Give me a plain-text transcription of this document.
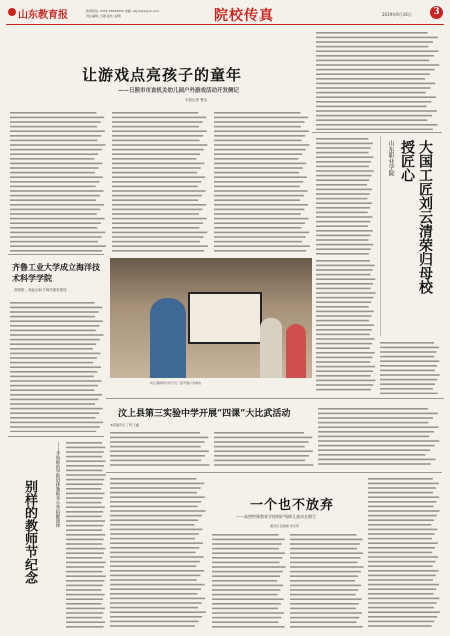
山东教育报	新闻热线: 0531-55555555 电邮: sdjyb@sdjyb.com
责任编辑: 王敏 版式: 赵明	院校传真	2019年9月16日	3
让游戏点亮孩子的童年
——日照市市直机关幼儿园户外游戏活动开发侧记
本报记者 曹洁
山东职业学院	大国工匠刘云清荣归母校授匠心
齐鲁工业大学成立海洋技术科学学院
高规格、高起点助力海洋强省建设
幼儿园教师与孩子们一起开展户外游戏
汶上县第三实验中学开展“四课”大比武活动
本报通讯员 丁辉 王鑫
——齐鲁师范学院退休教师李小华捐献遗体
别样的教师节纪念	一个也不放弃
——高密特殊教育学校呵护残障儿童成长侧写
通讯员 张晓燕 李光军
